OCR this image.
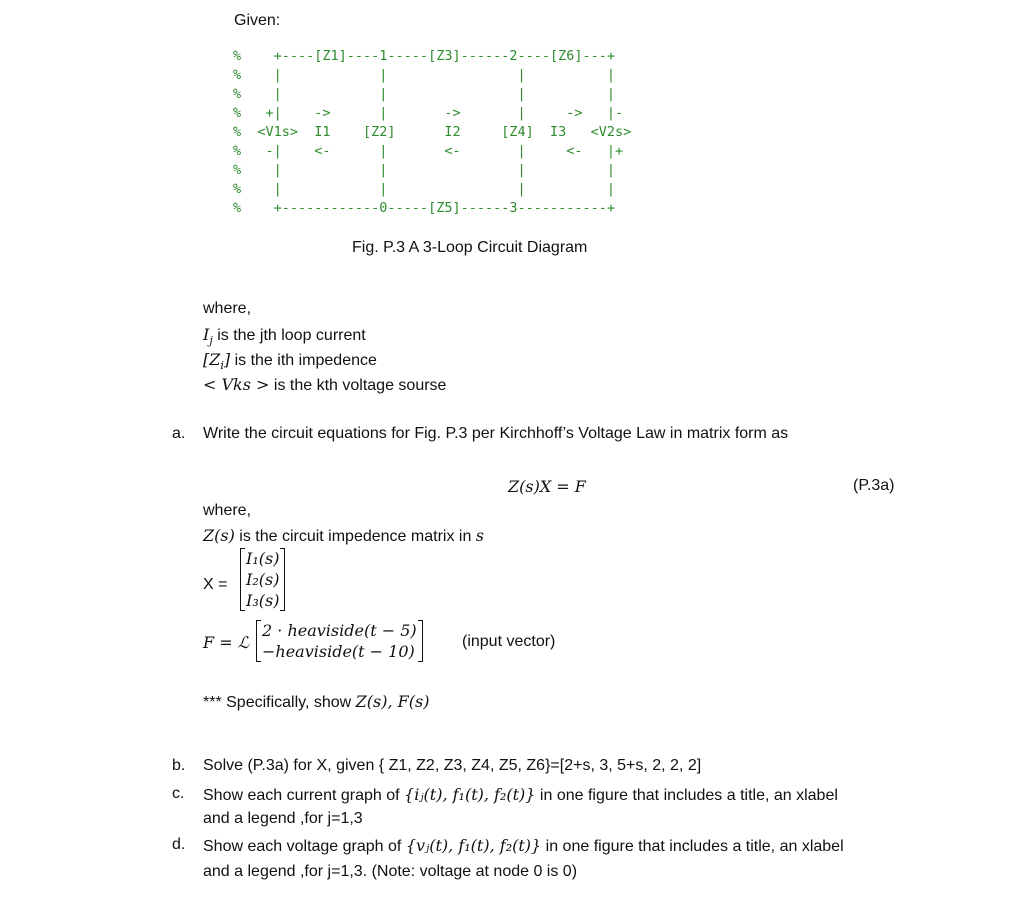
Given:
%    +----[Z1]----1-----[Z3]------2----[Z6]---+
%    |            |                |          |
%    |            |                |          |
%   +|    ->      |       ->       |     ->   |-
%  <V1s>  I1    [Z2]      I2     [Z4]  I3   <V2s>
%   -|    <-      |       <-       |     <-   |+
%    |            |                |          |
%    |            |                |          |
%    +------------0-----[Z5]------3-----------+
Fig. P.3 A 3-Loop Circuit Diagram
where,
$I_j$ is the jth loop current
$[Z_i]$ is the ith impedence
< Vks > is the kth voltage sourse
a. Write the circuit equations for Fig. P.3 per Kirchhoff’s Voltage Law in matrix form as
Z(s)X = F	(P.3a)
where,
Z(s) is the circuit impedence matrix in s
X =
I₁(s)
I₂(s)
I₃(s)
F = ℒ
2 · heaviside(t − 5)
−heaviside(t − 10)
(input vector)
*** Specifically, show Z(s), F(s)
b. Solve (P.3a) for X, given { Z1, Z2, Z3, Z4, Z5, Z6}=[2+s, 3, 5+s, 2, 2, 2]
c. Show each current graph of {iⱼ(t), f₁(t), f₂(t)} in one figure that includes a title, an xlabel
and a legend ,for j=1,3
d. Show each voltage graph of {vⱼ(t), f₁(t), f₂(t)} in one figure that includes a title, an xlabel
and a legend ,for j=1,3. (Note: voltage at node 0 is 0)
